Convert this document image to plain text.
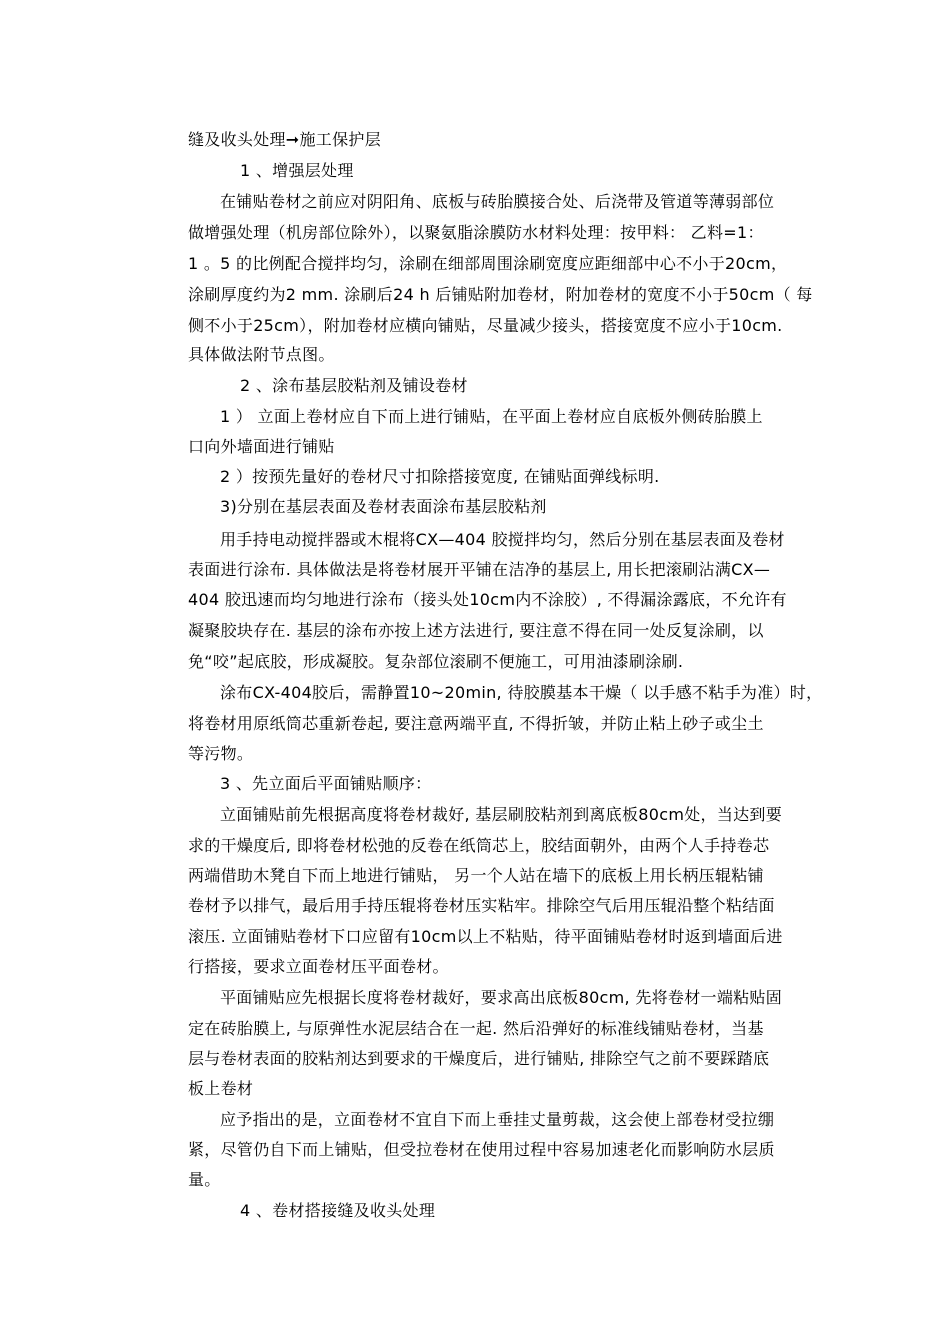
缝及收头处理➞施工保护层
1 、增强层处理
在铺贴卷材之前应对阴阳角、底板与砖胎膜接合处、后浇带及管道等薄弱部位
做增强处理（机房部位除外），以聚氨脂涂膜防水材料处理：按甲料： 乙料=1：
1 。5 的比例配合搅拌均匀，涂刷在细部周围涂刷宽度应距细部中心不小于20cm，
涂刷厚度约为2 mm. 涂刷后24 h 后铺贴附加卷材，附加卷材的宽度不小于50cm（ 每
侧不小于25cm），附加卷材应横向铺贴，尽量减少接头，搭接宽度不应小于10cm.
具体做法附节点图。
2 、涂布基层胶粘剂及铺设卷材
1 ） 立面上卷材应自下而上进行铺贴，在平面上卷材应自底板外侧砖胎膜上
口向外墙面进行铺贴
2 ）按预先量好的卷材尺寸扣除搭接宽度, 在铺贴面弹线标明.
3)分别在基层表面及卷材表面涂布基层胶粘剂
用手持电动搅拌器或木棍将CX—404 胶搅拌均匀，然后分别在基层表面及卷材
表面进行涂布. 具体做法是将卷材展开平铺在洁净的基层上, 用长把滚刷沾满CX—
404 胶迅速而均匀地进行涂布（接头处10cm内不涂胶）, 不得漏涂露底，不允许有
凝聚胶块存在. 基层的涂布亦按上述方法进行, 要注意不得在同一处反复涂刷，以
免“咬”起底胶，形成凝胶。复杂部位滚刷不便施工，可用油漆刷涂刷.
涂布CX-404胶后，需静置10~20min, 待胶膜基本干燥（ 以手感不粘手为准）时，
将卷材用原纸筒芯重新卷起, 要注意两端平直, 不得折皱，并防止粘上砂子或尘土
等污物。
3 、先立面后平面铺贴顺序：
立面铺贴前先根据高度将卷材裁好, 基层刷胶粘剂到离底板80cm处，当达到要
求的干燥度后, 即将卷材松弛的反卷在纸筒芯上，胶结面朝外，由两个人手持卷芯
两端借助木凳自下而上地进行铺贴， 另一个人站在墙下的底板上用长柄压辊粘铺
卷材予以排气，最后用手持压辊将卷材压实粘牢。排除空气后用压辊沿整个粘结面
滚压. 立面铺贴卷材下口应留有10cm以上不粘贴，待平面铺贴卷材时返到墙面后进
行搭接，要求立面卷材压平面卷材。
平面铺贴应先根据长度将卷材裁好，要求高出底板80cm, 先将卷材一端粘贴固
定在砖胎膜上, 与原弹性水泥层结合在一起. 然后沿弹好的标准线铺贴卷材，当基
层与卷材表面的胶粘剂达到要求的干燥度后，进行铺贴, 排除空气之前不要踩踏底
板上卷材
应予指出的是，立面卷材不宜自下而上垂挂丈量剪裁，这会使上部卷材受拉绷
紧，尽管仍自下而上铺贴，但受拉卷材在使用过程中容易加速老化而影响防水层质
量。
4 、卷材搭接缝及收头处理
